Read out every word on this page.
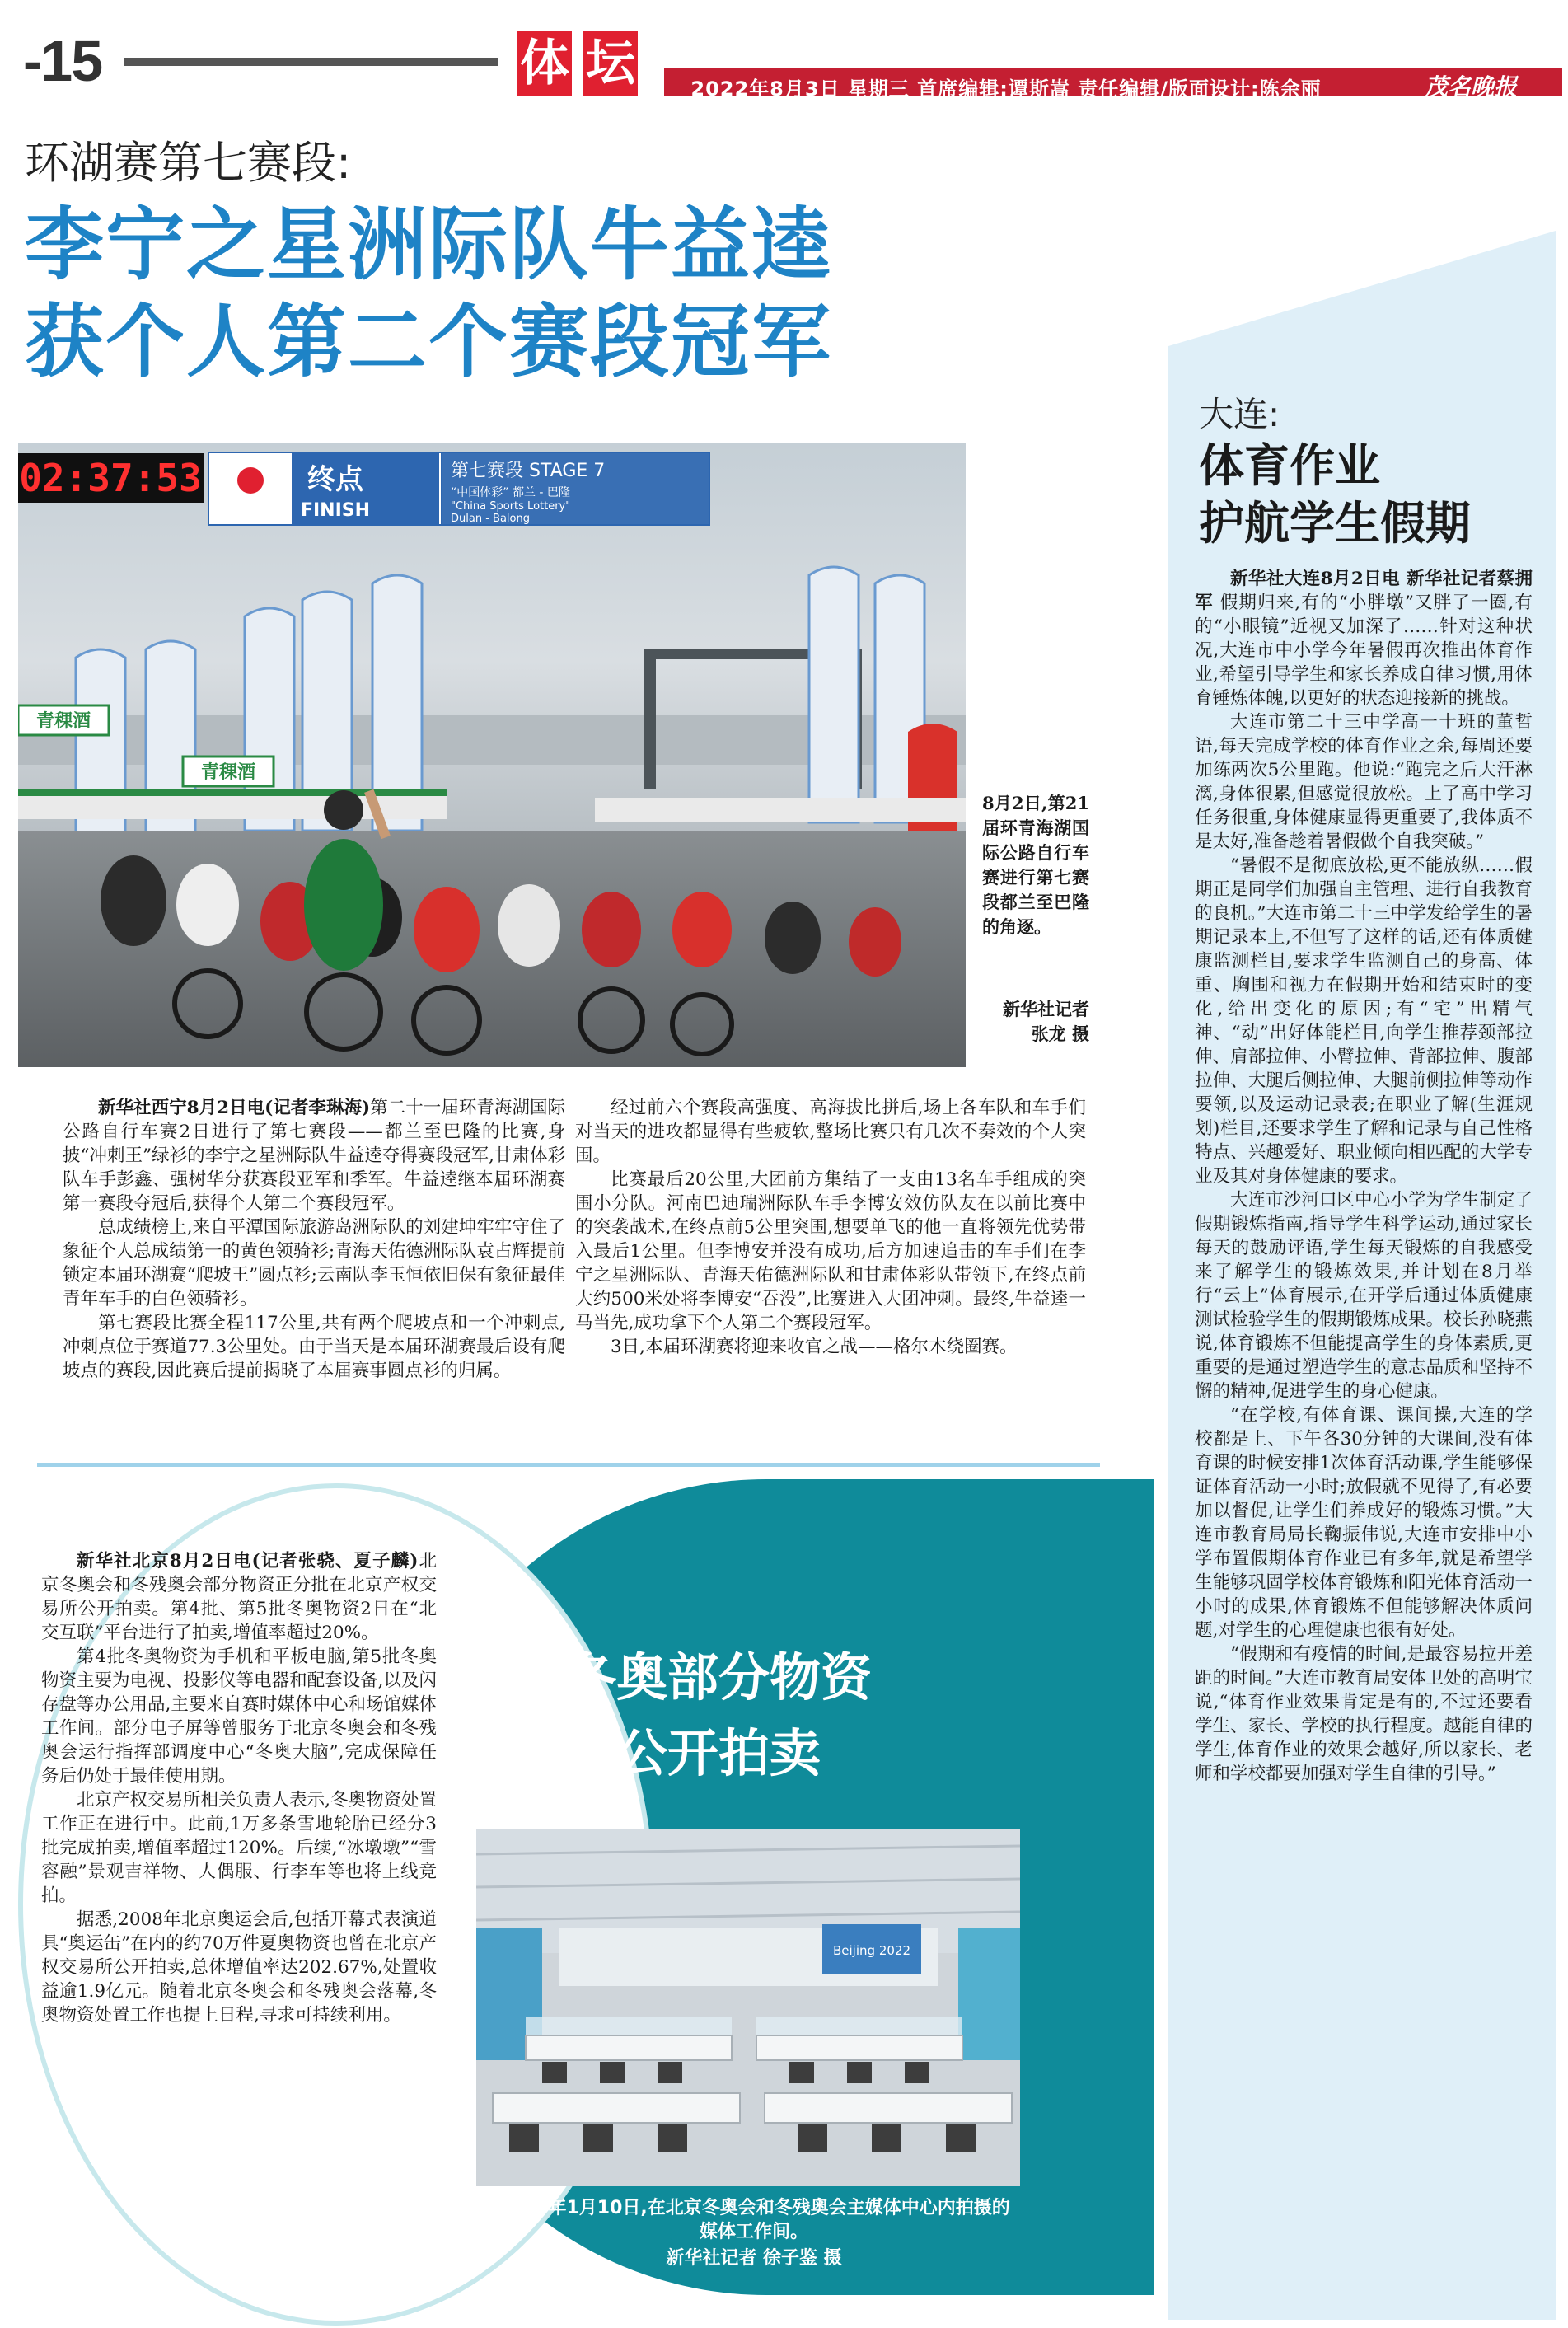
-15	体 坛	2022年8月3日 星期三 首席编辑:谭斯嵩 责任编辑/版面设计:陈余丽	茂名晚报
环湖赛第七赛段:
李宁之星洲际队牛益逵
获个人第二个赛段冠军
终点
FINISH
第七赛段 STAGE 7
“中国体彩” 都兰 - 巴隆
"China Sports Lottery"
Dulan - Balong
02:37:53
青稞酒
青稞酒
8月2日,第21届环青海湖国际公路自行车赛进行第七赛段都兰至巴隆的角逐。
新华社记者 张龙 摄

新华社西宁8月2日电(记者李琳海)第二十一届环青海湖国际公路自行车赛2日进行了第七赛段——都兰至巴隆的比赛,身披“冲刺王”绿衫的李宁之星洲际队牛益逵夺得赛段冠军,甘肃体彩队车手彭鑫、强树华分获赛段亚军和季军。牛益逵继本届环湖赛第一赛段夺冠后,获得个人第二个赛段冠军。

总成绩榜上,来自平潭国际旅游岛洲际队的刘建坤牢牢守住了象征个人总成绩第一的黄色领骑衫;青海天佑德洲际队袁占辉提前锁定本届环湖赛“爬坡王”圆点衫;云南队李玉恒依旧保有象征最佳青年车手的白色领骑衫。

第七赛段比赛全程117公里,共有两个爬坡点和一个冲刺点,冲刺点位于赛道77.3公里处。由于当天是本届环湖赛最后设有爬坡点的赛段,因此赛后提前揭晓了本届赛事圆点衫的归属。

经过前六个赛段高强度、高海拔比拼后,场上各车队和车手们对当天的进攻都显得有些疲软,整场比赛只有几次不奏效的个人突围。

比赛最后20公里,大团前方集结了一支由13名车手组成的突围小分队。河南巴迪瑞洲际队车手李博安效仿队友在以前比赛中的突袭战术,在终点前5公里突围,想要单飞的他一直将领先优势带入最后1公里。但李博安并没有成功,后方加速追击的车手们在李宁之星洲际队、青海天佑德洲际队和甘肃体彩队带领下,在终点前大约500米处将李博安“吞没”,比赛进入大团冲刺。最终,牛益逵一马当先,成功拿下个人第二个赛段冠军。

3日,本届环湖赛将迎来收官之战——格尔木绕圈赛。

大连:
体育作业
护航学生假期

新华社大连8月2日电 新华社记者蔡拥军 假期归来,有的“小胖墩”又胖了一圈,有的“小眼镜”近视又加深了……针对这种状况,大连市中小学今年暑假再次推出体育作业,希望引导学生和家长养成自律习惯,用体育锤炼体魄,以更好的状态迎接新的挑战。

大连市第二十三中学高一十班的董哲语,每天完成学校的体育作业之余,每周还要加练两次5公里跑。他说:“跑完之后大汗淋漓,身体很累,但感觉很放松。上了高中学习任务很重,身体健康显得更重要了,我体质不是太好,准备趁着暑假做个自我突破。”

“暑假不是彻底放松,更不能放纵……假期正是同学们加强自主管理、进行自我教育的良机。”大连市第二十三中学发给学生的暑期记录本上,不但写了这样的话,还有体质健康监测栏目,要求学生监测自己的身高、体重、胸围和视力在假期开始和结束时的变化,给出变化的原因;有“宅”出精气神、“动”出好体能栏目,向学生推荐颈部拉伸、肩部拉伸、小臂拉伸、背部拉伸、腹部拉伸、大腿后侧拉伸、大腿前侧拉伸等动作要领,以及运动记录表;在职业了解(生涯规划)栏目,还要求学生了解和记录与自己性格特点、兴趣爱好、职业倾向相匹配的大学专业及其对身体健康的要求。

大连市沙河口区中心小学为学生制定了假期锻炼指南,指导学生科学运动,通过家长每天的鼓励评语,学生每天锻炼的自我感受来了解学生的锻炼效果,并计划在8月举行“云上”体育展示,在开学后通过体质健康测试检验学生的假期锻炼成果。校长孙晓燕说,体育锻炼不但能提高学生的身体素质,更重要的是通过塑造学生的意志品质和坚持不懈的精神,促进学生的身心健康。

“在学校,有体育课、课间操,大连的学校都是上、下午各30分钟的大课间,没有体育课的时候安排1次体育活动课,学生能够保证体育活动一小时;放假就不见得了,有必要加以督促,让学生们养成好的锻炼习惯。”大连市教育局局长鞠振伟说,大连市安排中小学布置假期体育作业已有多年,就是希望学生能够巩固学校体育锻炼和阳光体育活动一小时的成果,体育锻炼不但能够解决体质问题,对学生的心理健康也很有好处。

“假期和有疫情的时间,是最容易拉开差距的时间。”大连市教育局安体卫处的高明宝说,“体育作业效果肯定是有的,不过还要看学生、家长、学校的执行程度。越能自律的学生,体育作业的效果会越好,所以家长、老师和学校都要加强对学生自律的引导。”

新华社北京8月2日电(记者张骁、夏子麟)北京冬奥会和冬残奥会部分物资正分批在北京产权交易所公开拍卖。第4批、第5批冬奥物资2日在“北交互联”平台进行了拍卖,增值率超过20%。

第4批冬奥物资为手机和平板电脑,第5批冬奥物资主要为电视、投影仪等电器和配套设备,以及闪存盘等办公用品,主要来自赛时媒体中心和场馆媒体工作间。部分电子屏等曾服务于北京冬奥会和冬残奥会运行指挥部调度中心“冬奥大脑”,完成保障任务后仍处于最佳使用期。

北京产权交易所相关负责人表示,冬奥物资处置工作正在进行中。此前,1万多条雪地轮胎已经分3批完成拍卖,增值率超过120%。后续,“冰墩墩”“雪容融”景观吉祥物、人偶服、行李车等也将上线竞拍。

据悉,2008年北京奥运会后,包括开幕式表演道具“奥运缶”在内的约70万件夏奥物资也曾在北京产权交易所公开拍卖,总体增值率达202.67%,处置收益逾1.9亿元。随着北京冬奥会和冬残奥会落幕,冬奥物资处置工作也提上日程,寻求可持续利用。

北京冬奥部分物资
正分批公开拍卖
Beijing 2022
2022年1月10日,在北京冬奥会和冬残奥会主媒体中心内拍摄的媒体工作间。
新华社记者 徐子鉴 摄
